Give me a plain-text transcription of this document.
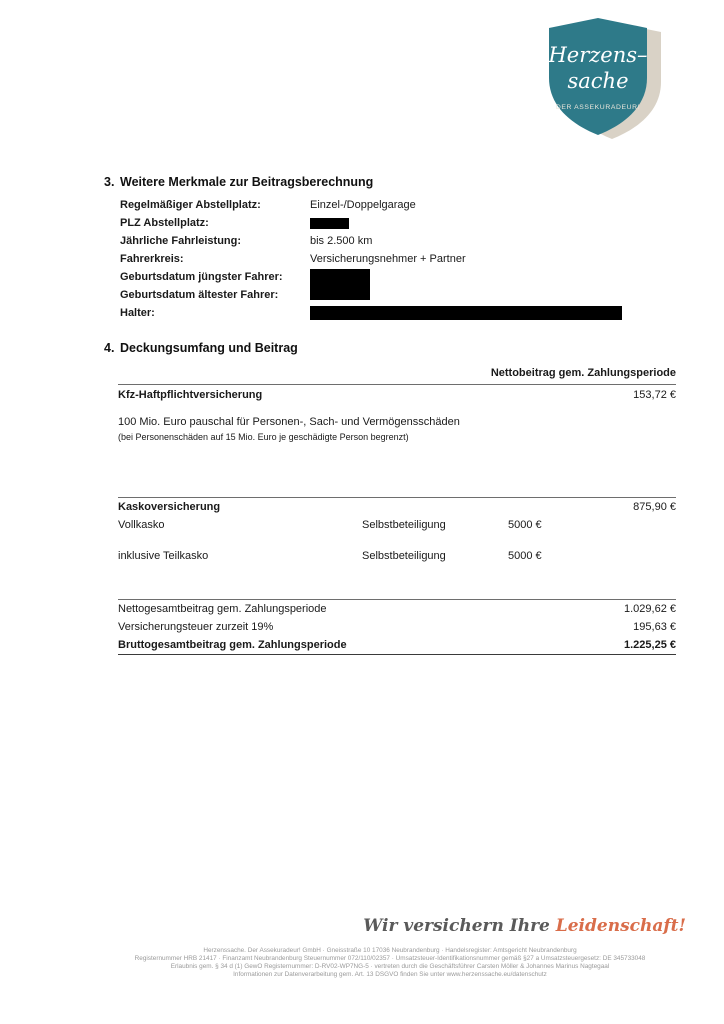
Herzens–
sache
DER ASSEKURADEUR!
3. Weitere Merkmale zur Beitragsberechnung
Regelmäßiger Abstellplatz:	Einzel-/Doppelgarage
PLZ Abstellplatz:
Jährliche Fahrleistung:	bis 2.500 km
Fahrerkreis:	Versicherungsnehmer + Partner
Geburtsdatum jüngster Fahrer:
Geburtsdatum ältester Fahrer:
Halter:
4. Deckungsumfang und Beitrag
Nettobeitrag gem. Zahlungsperiode
Kfz-Haftpflichtversicherung	153,72 €
100 Mio. Euro pauschal für Personen-, Sach- und Vermögensschäden
(bei Personenschäden auf 15 Mio. Euro je geschädigte Person begrenzt)
Kaskoversicherung	875,90 €
Vollkasko	Selbstbeteiligung	5000 €
inklusive Teilkasko	Selbstbeteiligung	5000 €
Nettogesamtbeitrag gem. Zahlungsperiode	1.029,62 €
Versicherungsteuer zurzeit 19%	195,63 €
Bruttogesamtbeitrag gem. Zahlungsperiode	1.225,25 €
Wir versichern Ihre Leidenschaft!
Herzenssache. Der Assekuradeur! GmbH · Gneisstraße 10 17036 Neubrandenburg · Handelsregister: Amtsgericht Neubrandenburg
Registernummer HRB 21417 · Finanzamt Neubrandenburg Steuernummer 072/110/02357 · Umsatzsteuer-Identifikationsnummer gemäß §27 a Umsatzsteuergesetz: DE 345733048
Erlaubnis gem. § 34 d (1) GewO Registernummer: D-RV02-WP7NG-5 · vertreten durch die Geschäftsführer Carsten Möller & Johannes Marinus Nagtegaal
Informationen zur Datenverarbeitung gem. Art. 13 DSGVO finden Sie unter www.herzenssache.eu/datenschutz
